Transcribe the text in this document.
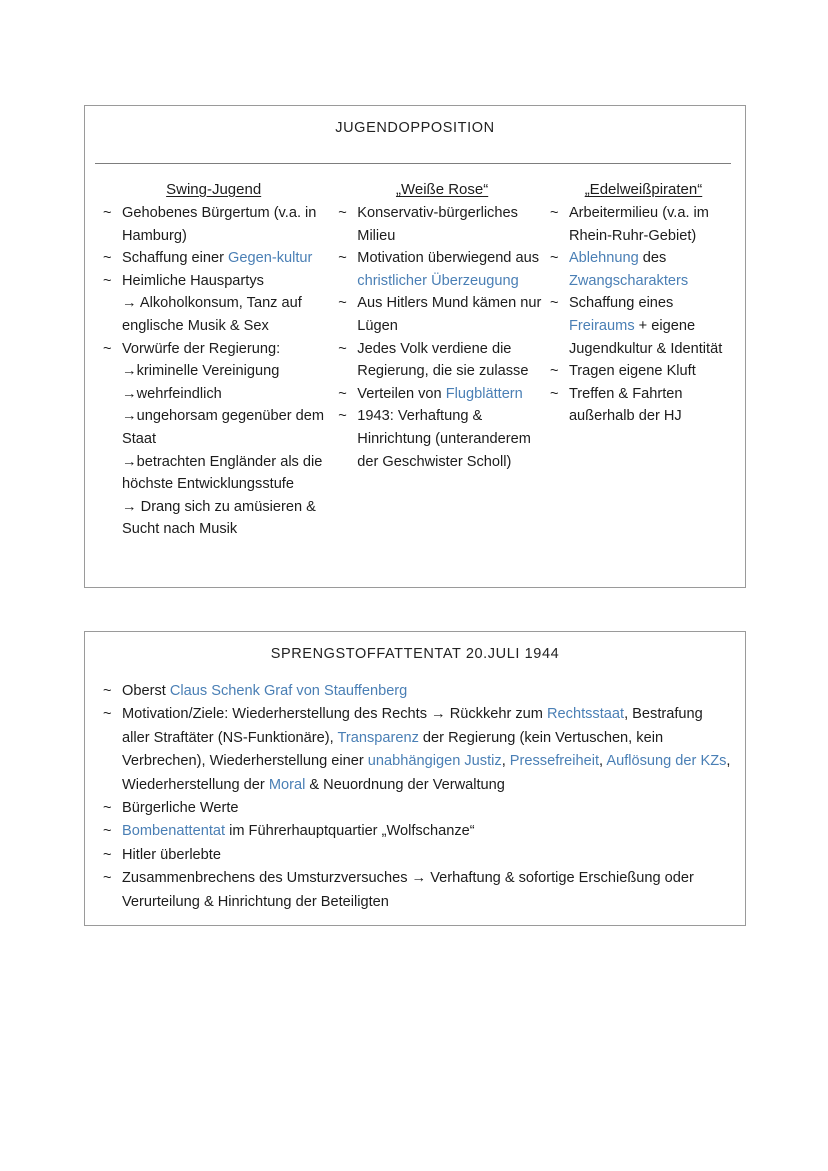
JUGENDOPPOSITION
Swing-Jugend
~ Gehobenes Bürgertum (v.a. in Hamburg)
~ Schaffung einer Gegen-kultur
~ Heimliche Hauspartys
→ Alkoholkonsum, Tanz auf englische Musik & Sex
~ Vorwürfe der Regierung:
→kriminelle Vereinigung
→wehrfeindlich
→ungehorsam gegenüber dem Staat
→betrachten Engländer als die höchste Entwicklungsstufe
→ Drang sich zu amüsieren & Sucht nach Musik
„Weiße Rose“
~ Konservativ-bürgerliches Milieu
~ Motivation überwiegend aus christlicher Überzeugung
~ Aus Hitlers Mund kämen nur Lügen
~ Jedes Volk verdiene die Regierung, die sie zulasse
~ Verteilen von Flugblättern
~ 1943: Verhaftung & Hinrichtung (unteranderem der Geschwister Scholl)
„Edelweißpiraten“
~ Arbeitermilieu (v.a. im Rhein-Ruhr-Gebiet)
~ Ablehnung des Zwangscharakters
~ Schaffung eines Freiraums + eigene Jugendkultur & Identität
~ Tragen eigene Kluft
~ Treffen & Fahrten außerhalb der HJ
SPRENGSTOFFATTENTAT 20.JULI 1944
~ Oberst Claus Schenk Graf von Stauffenberg
~ Motivation/Ziele: Wiederherstellung des Rechts → Rückkehr zum Rechtsstaat, Bestrafung aller Straftäter (NS-Funktionäre), Transparenz der Regierung (kein Vertuschen, kein Verbrechen), Wiederherstellung einer unabhängigen Justiz, Pressefreiheit, Auflösung der KZs, Wiederherstellung der Moral & Neuordnung der Verwaltung
~ Bürgerliche Werte
~ Bombenattentat im Führerhauptquartier „Wolfschanze“
~ Hitler überlebte
~ Zusammenbrechens des Umsturzversuches → Verhaftung & sofortige Erschießung oder Verurteilung & Hinrichtung der Beteiligten
